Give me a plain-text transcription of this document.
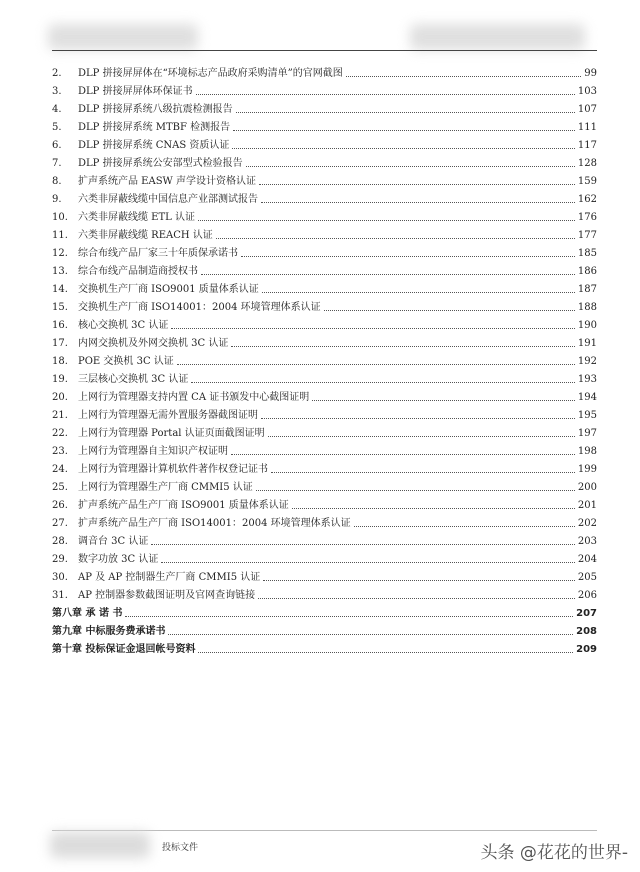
2.	DLP 拼接屏屏体在“环境标志产品政府采购清单”的官网截图	99
3.	DLP 拼接屏屏体环保证书	103
4.	DLP 拼接屏系统八级抗震检测报告	107
5.	DLP 拼接屏系统 MTBF 检测报告	111
6.	DLP 拼接屏系统 CNAS 资质认证	117
7.	DLP 拼接屏系统公安部型式检验报告	128
8.	扩声系统产品 EASW 声学设计资格认证	159
9.	六类非屏蔽线缆中国信息产业部测试报告	162
10.	六类非屏蔽线缆 ETL 认证	176
11.	六类非屏蔽线缆 REACH 认证	177
12.	综合布线产品厂家三十年质保承诺书	185
13.	综合布线产品制造商授权书	186
14.	交换机生产厂商 ISO9001 质量体系认证	187
15.	交换机生产厂商 ISO14001：2004 环境管理体系认证	188
16.	核心交换机 3C 认证	190
17.	内网交换机及外网交换机 3C 认证	191
18.	POE 交换机 3C 认证	192
19.	三层核心交换机 3C 认证	193
20.	上网行为管理器支持内置 CA 证书颁发中心截图证明	194
21.	上网行为管理器无需外置服务器截图证明	195
22.	上网行为管理器 Portal 认证页面截图证明	197
23.	上网行为管理器自主知识产权证明	198
24.	上网行为管理器计算机软件著作权登记证书	199
25.	上网行为管理器生产厂商 CMMI5 认证	200
26.	扩声系统产品生产厂商 ISO9001 质量体系认证	201
27.	扩声系统产品生产厂商 ISO14001：2004 环境管理体系认证	202
28.	调音台 3C 认证	203
29.	数字功放 3C 认证	204
30.	AP 及 AP 控制器生产厂商 CMMI5 认证	205
31.	AP 控制器参数截图证明及官网查询链接	206
第八章 承 诺 书	207
第九章 中标服务费承诺书	208
第十章 投标保证金退回帐号资料	209
投标文件	头条 @花花的世界-
